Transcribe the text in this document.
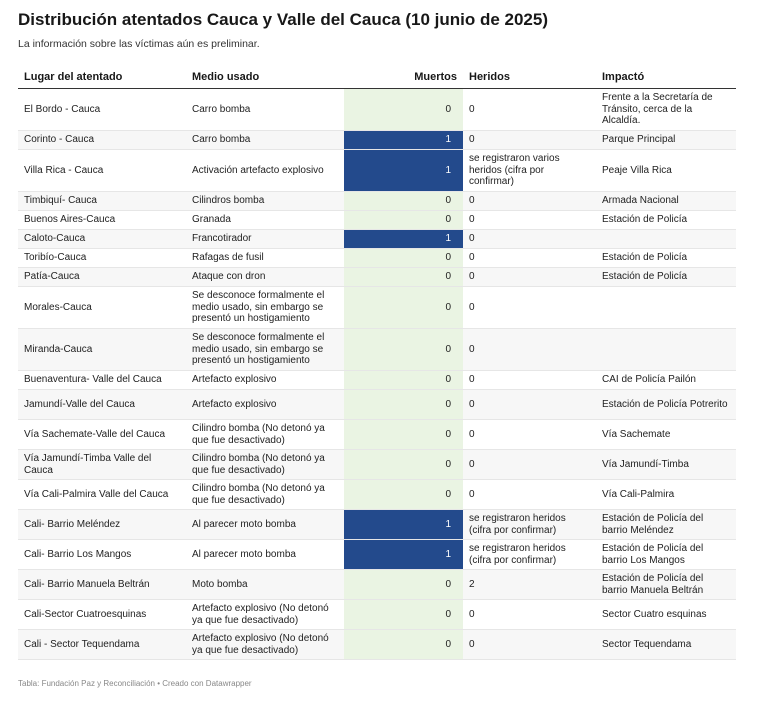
Distribución atentados Cauca y Valle del Cauca (10 junio de 2025)
La información sobre las víctimas aún es preliminar.
Lugar del atentado	Medio usado	Muertos	Heridos	Impactó
El Bordo - Cauca	Carro bomba	0	0	Frente a la Secretaría de Tránsito, cerca de la Alcaldía.
Corinto - Cauca	Carro bomba	1	0	Parque Principal
Villa Rica - Cauca	Activación artefacto explosivo	1	se registraron varios heridos (cifra por confirmar)	Peaje Villa Rica
Timbiquí- Cauca	Cilindros bomba	0	0	Armada Nacional
Buenos Aires-Cauca	Granada	0	0	Estación de Policía
Caloto-Cauca	Francotirador	1	0	
Toribío-Cauca	Rafagas de fusil	0	0	Estación de Policía
Patía-Cauca	Ataque con dron	0	0	Estación de Policía
Morales-Cauca	Se desconoce formalmente el medio usado, sin embargo se presentó un hostigamiento	0	0	
Miranda-Cauca	Se desconoce formalmente el medio usado, sin embargo se presentó un hostigamiento	0	0	
Buenaventura- Valle del Cauca	Artefacto explosivo	0	0	CAI de Policía Pailón
Jamundí-Valle del Cauca	Artefacto explosivo	0	0	Estación de Policía Potrerito
Vía Sachemate-Valle del Cauca	Cilindro bomba (No detonó ya que fue desactivado)	0	0	Vía Sachemate
Vía Jamundí-Timba Valle del Cauca	Cilindro bomba (No detonó ya que fue desactivado)	0	0	Vía Jamundí-Timba
Vía Cali-Palmira Valle del Cauca	Cilindro bomba (No detonó ya que fue desactivado)	0	0	Vía Cali-Palmira
Cali- Barrio Meléndez	Al parecer moto bomba	1	se registraron heridos (cifra por confirmar)	Estación de Policía del barrio Meléndez
Cali- Barrio Los Mangos	Al parecer moto bomba	1	se registraron heridos (cifra por confirmar)	Estación de Policía del barrio Los Mangos
Cali- Barrio Manuela Beltrán	Moto bomba	0	2	Estación de Policía del barrio Manuela Beltrán
Cali-Sector Cuatroesquinas	Artefacto explosivo (No detonó ya que fue desactivado)	0	0	Sector Cuatro esquinas
Cali - Sector Tequendama	Artefacto explosivo (No detonó ya que fue desactivado)	0	0	Sector Tequendama
Tabla: Fundación Paz y Reconciliación • Creado con Datawrapper
